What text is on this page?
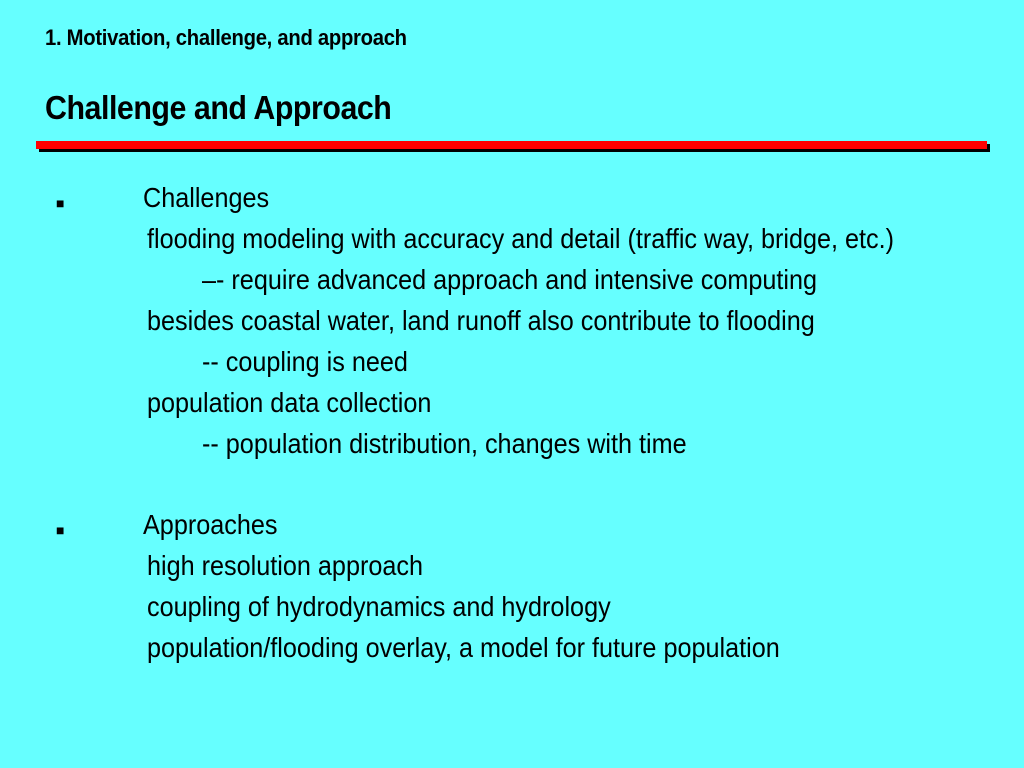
1. Motivation, challenge, and approach
Challenge and Approach
■	Challenges
flooding modeling with accuracy and detail (traffic way, bridge, etc.)
–- require advanced approach and intensive computing
besides coastal water, land runoff also contribute to flooding
-- coupling is need
population data collection
-- population distribution, changes with time
■	Approaches
high resolution approach
coupling of hydrodynamics and hydrology
population/flooding overlay, a model for future population
